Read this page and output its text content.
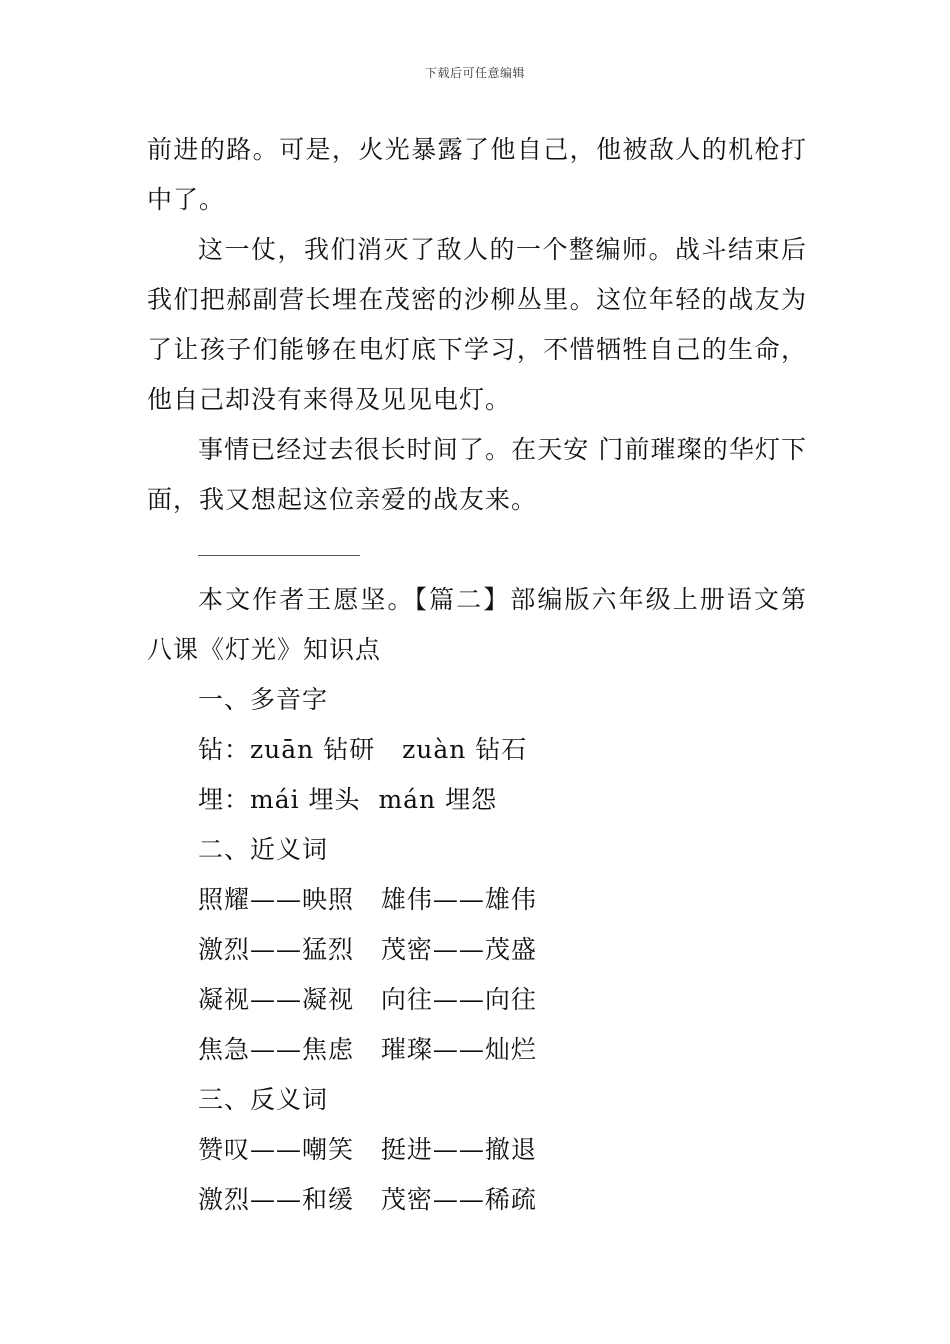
下载后可任意编辑

前进的路。可是，火光暴露了他自己，他被敌人的机枪打中了。

这一仗，我们消灭了敌人的一个整编师。战斗结束后我们把郝副营长埋在茂密的沙柳丛里。这位年轻的战友为了让孩子们能够在电灯底下学习，不惜牺牲自己的生命，他自己却没有来得及见见电灯。

事情已经过去很长时间了。在天安 门前璀璨的华灯下面，我又想起这位亲爱的战友来。

本文作者王愿坚。【篇二】部编版六年级上册语文第八课《灯光》知识点

一、多音字

钻：zuān 钻研   zuàn 钻石

埋：mái 埋头  mán 埋怨

二、近义词

照耀——映照   雄伟——雄伟

激烈——猛烈   茂密——茂盛

凝视——凝视   向往——向往

焦急——焦虑   璀璨——灿烂

三、反义词

赞叹——嘲笑   挺进——撤退

激烈——和缓   茂密——稀疏
